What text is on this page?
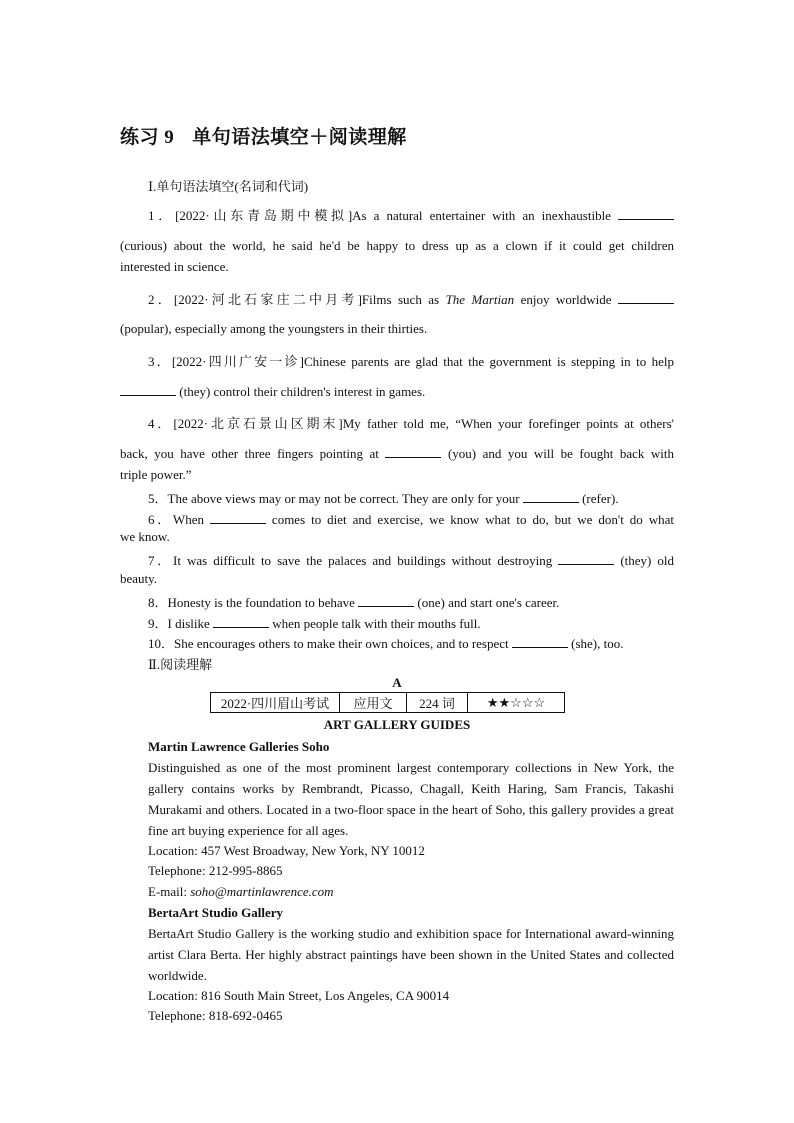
练习 9 单句语法填空＋阅读理解
Ⅰ.单句语法填空(名词和代词)
1．[2022·山东青岛期中模拟]As a natural entertainer with an inexhaustible
(curious) about the world, he said he'd be happy to dress up as a clown if it could get children
interested in science.
2．[2022·河北石家庄二中月考]Films such as The Martian enjoy worldwide
(popular), especially among the youngsters in their thirties.
3．[2022·四川广安一诊]Chinese parents are glad that the government is stepping in to help
(they) control their children's interest in games.
4．[2022·北京石景山区期末]My father told me, “When your forefinger points at others'
back, you have other three fingers pointing at	(you) and you will be fought back with
triple power.”
5．The above views may or may not be correct. They are only for your	(refer).
6．When	comes to diet and exercise, we know what to do, but we don't do what
we know.
7．It was difficult to save the palaces and buildings without destroying	(they) old
beauty.
8．Honesty is the foundation to behave	(one) and start one's career.
9．I dislike	when people talk with their mouths full.
10．She encourages others to make their own choices, and to respect	(she), too.
Ⅱ.阅读理解
A
2022·四川眉山考试	应用文	224 词	★★☆☆☆
ART GALLERY GUIDES
Martin Lawrence Galleries Soho
Distinguished as one of the most prominent largest contemporary collections in New York, the gallery contains works by Rembrandt, Picasso, Chagall, Keith Haring, Sam Francis, Takashi Murakami and others. Located in a two-floor space in the heart of Soho, this gallery provides a great fine art buying experience for all ages.
Location: 457 West Broadway, New York, NY 10012
Telephone: 212-995-8865
E-mail: soho@martinlawrence.com
BertaArt Studio Gallery
BertaArt Studio Gallery is the working studio and exhibition space for International award-winning artist Clara Berta. Her highly abstract paintings have been shown in the United States and collected worldwide.
Location: 816 South Main Street, Los Angeles, CA 90014
Telephone: 818-692-0465
